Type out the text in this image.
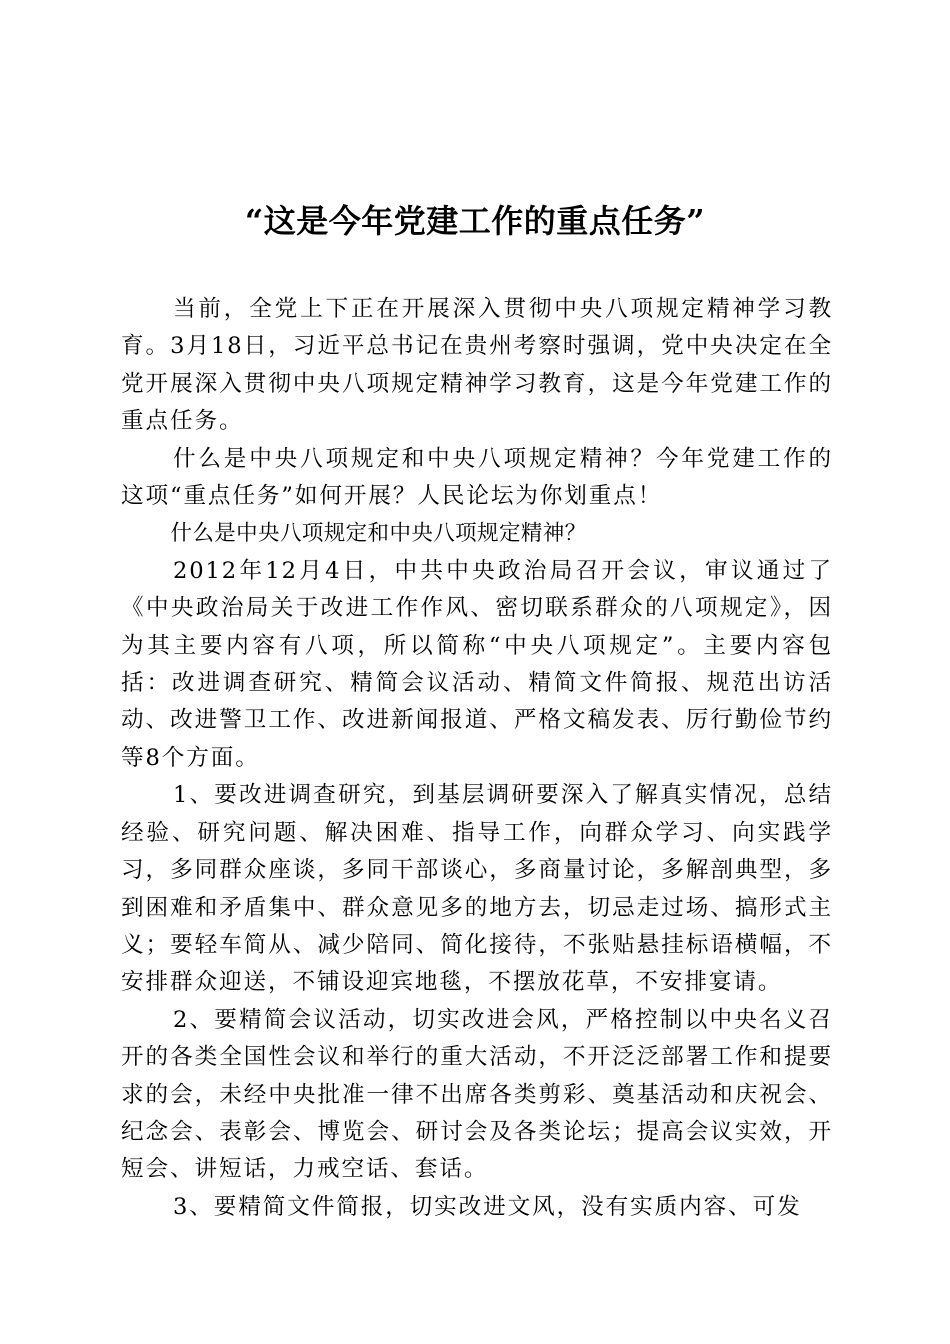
“这是今年党建工作的重点任务”

当前，全党上下正在开展深入贯彻中央八项规定精神学习教育。3月18日，习近平总书记在贵州考察时强调，党中央决定在全党开展深入贯彻中央八项规定精神学习教育，这是今年党建工作的重点任务。

什么是中央八项规定和中央八项规定精神？今年党建工作的这项“重点任务”如何开展？人民论坛为你划重点！

什么是中央八项规定和中央八项规定精神？

2012年12月4日，中共中央政治局召开会议，审议通过了《中央政治局关于改进工作作风、密切联系群众的八项规定》，因为其主要内容有八项，所以简称“中央八项规定”。主要内容包括：改进调查研究、精简会议活动、精简文件简报、规范出访活动、改进警卫工作、改进新闻报道、严格文稿发表、厉行勤俭节约等8个方面。

1、要改进调查研究，到基层调研要深入了解真实情况，总结经验、研究问题、解决困难、指导工作，向群众学习、向实践学习，多同群众座谈，多同干部谈心，多商量讨论，多解剖典型，多到困难和矛盾集中、群众意见多的地方去，切忌走过场、搞形式主义；要轻车简从、减少陪同、简化接待，不张贴悬挂标语横幅，不安排群众迎送，不铺设迎宾地毯，不摆放花草，不安排宴请。

2、要精简会议活动，切实改进会风，严格控制以中央名义召开的各类全国性会议和举行的重大活动，不开泛泛部署工作和提要求的会，未经中央批准一律不出席各类剪彩、奠基活动和庆祝会、纪念会、表彰会、博览会、研讨会及各类论坛；提高会议实效，开短会、讲短话，力戒空话、套话。

3、要精简文件简报，切实改进文风，没有实质内容、可发
